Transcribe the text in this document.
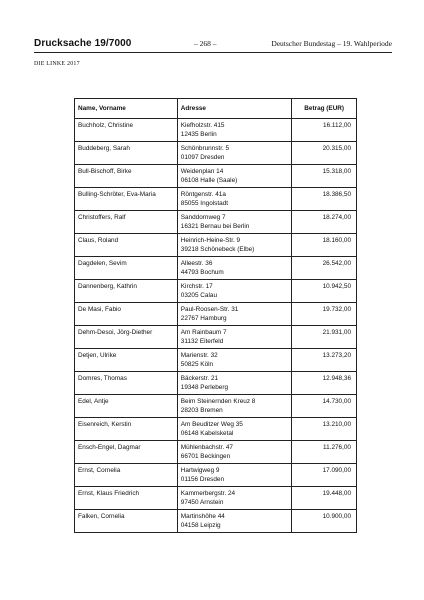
Drucksache 19/7000	– 268 –	Deutscher Bundestag – 19. Wahlperiode
DIE LINKE 2017
Name, Vorname	Adresse	Betrag (EUR)

Buchholz, Christine	Kiefholzstr. 415
12435 Berlin	16.112,00

Buddeberg, Sarah	Schönbrunnstr. 5
01097 Dresden	20.315,00

Bull-Bischoff, Birke	Weidenplan 14
06108 Halle (Saale)	15.318,00

Bulling-Schröter, Eva-Maria	Röntgenstr. 41a
85055 Ingolstadt	18.386,50

Christoffers, Ralf	Sanddornweg 7
16321 Bernau bei Berlin	18.274,00

Claus, Roland	Heinrich-Heine-Str. 9
39218 Schönebeck (Elbe)	18.160,00

Dagdelen, Sevim	Alleestr. 36
44793 Bochum	26.542,00

Dannenberg, Kathrin	Kirchstr. 17
03205 Calau	10.942,50

De Masi, Fabio	Paul-Roosen-Str. 31
22767 Hamburg	19.732,00

Dehm-Desoi, Jörg-Diether	Am Rainbaum 7
31132 Eiterfeld	21.931,00

Detjen, Ulrike	Marienstr. 32
50825 Köln	13.273,20

Domres, Thomas	Bäckerstr. 21
19348 Perleberg	12.948,36

Edel, Antje	Beim Steinernden Kreuz 8
28203 Bremen	14.730,00

Eisenreich, Kerstin	Am Beuditzer Weg 35
06148 Kabelsketal	13.210,00

Ensch-Engel, Dagmar	Mühlenbachstr. 47
66701 Beckingen	11.276,00

Ernst, Cornelia	Hartwigweg 9
01156 Dresden	17.090,00

Ernst, Klaus Friedrich	Kammerbergstr. 24
97450 Arnstein	19.448,00

Falken, Cornelia	Martinshöhe 44
04158 Leipzig	10.900,00
